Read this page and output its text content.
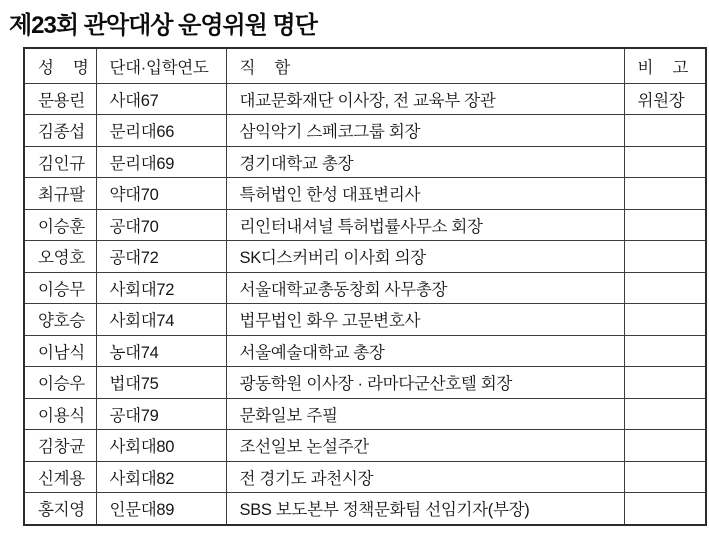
제23회 관악대상 운영위원 명단
성 명	단대·입학연도	직 함	비 고
문용린	사대67	대교문화재단 이사장, 전 교육부 장관	위원장
김종섭	문리대66	삼익악기 스페코그룹 회장	
김인규	문리대69	경기대학교 총장	
최규팔	약대70	특허법인 한성 대표변리사	
이승훈	공대70	리인터내셔널 특허법률사무소 회장	
오영호	공대72	SK디스커버리 이사회 의장	
이승무	사회대72	서울대학교총동창회 사무총장	
양호승	사회대74	법무법인 화우 고문변호사	
이남식	농대74	서울예술대학교 총장	
이승우	법대75	광동학원 이사장 · 라마다군산호텔 회장	
이용식	공대79	문화일보 주필	
김창균	사회대80	조선일보 논설주간	
신계용	사회대82	전 경기도 과천시장	
홍지영	인문대89	SBS 보도본부 정책문화팀 선임기자(부장)	
